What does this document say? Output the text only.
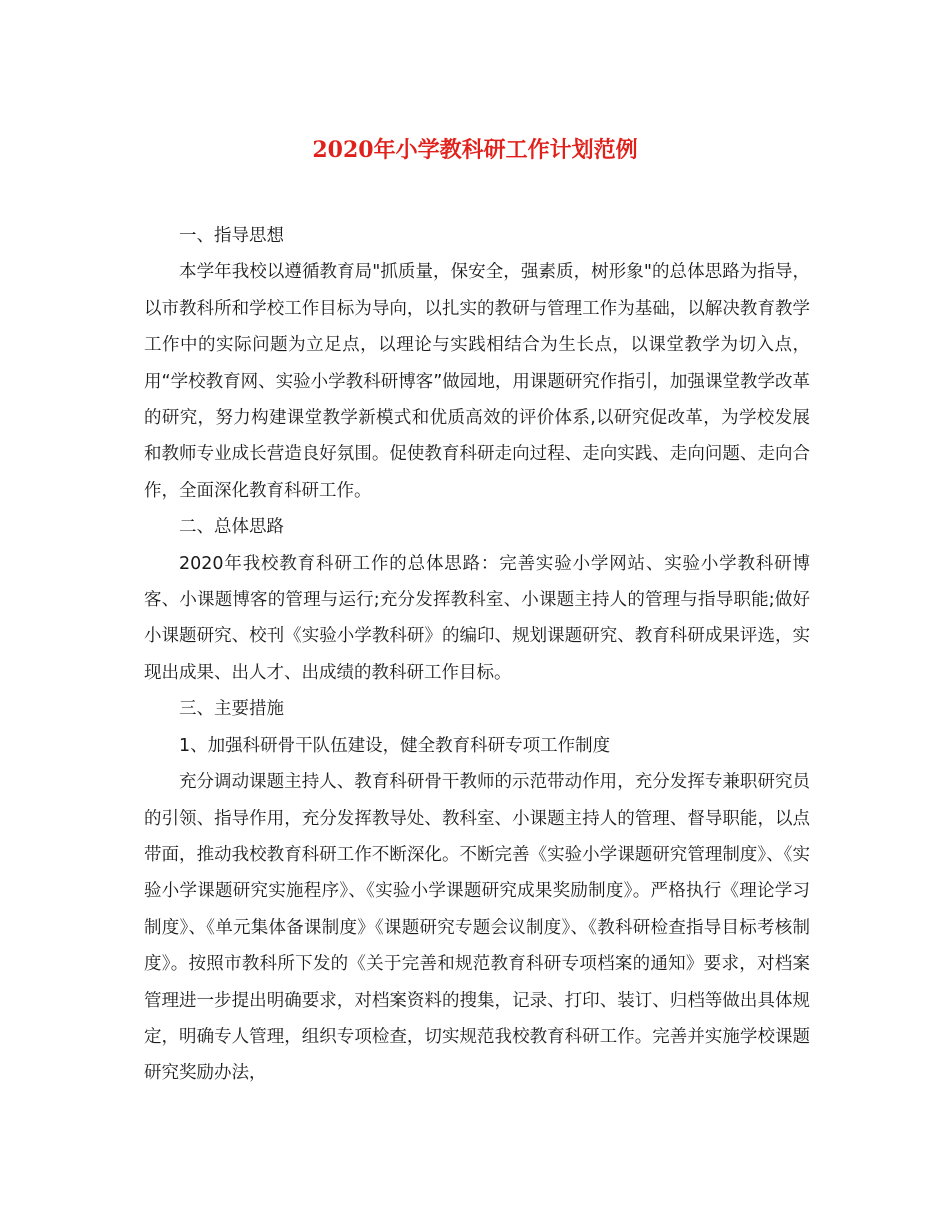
2020年小学教科研工作计划范例

一、指导思想

本学年我校以遵循教育局"抓质量，保安全，强素质，树形象"的总体思路为指导，以市教科所和学校工作目标为导向，以扎实的教研与管理工作为基础，以解决教育教学工作中的实际问题为立足点，以理论与实践相结合为生长点，以课堂教学为切入点，用“学校教育网、实验小学教科研博客”做园地，用课题研究作指引，加强课堂教学改革的研究，努力构建课堂教学新模式和优质高效的评价体系,以研究促改革，为学校发展和教师专业成长营造良好氛围。促使教育科研走向过程、走向实践、走向问题、走向合作，全面深化教育科研工作。

二、总体思路

2020年我校教育科研工作的总体思路：完善实验小学网站、实验小学教科研博客、小课题博客的管理与运行;充分发挥教科室、小课题主持人的管理与指导职能;做好小课题研究、校刊《实验小学教科研》的编印、规划课题研究、教育科研成果评选，实现出成果、出人才、出成绩的教科研工作目标。

三、主要措施

1、加强科研骨干队伍建设，健全教育科研专项工作制度

充分调动课题主持人、教育科研骨干教师的示范带动作用，充分发挥专兼职研究员的引领、指导作用，充分发挥教导处、教科室、小课题主持人的管理、督导职能，以点带面，推动我校教育科研工作不断深化。不断完善《实验小学课题研究管理制度》、《实验小学课题研究实施程序》、《实验小学课题研究成果奖励制度》。严格执行《理论学习制度》、《单元集体备课制度》《课题研究专题会议制度》、《教科研检查指导目标考核制度》。按照市教科所下发的《关于完善和规范教育科研专项档案的通知》要求，对档案管理进一步提出明确要求，对档案资料的搜集，记录、打印、装订、归档等做出具体规定，明确专人管理，组织专项检查，切实规范我校教育科研工作。完善并实施学校课题研究奖励办法，
